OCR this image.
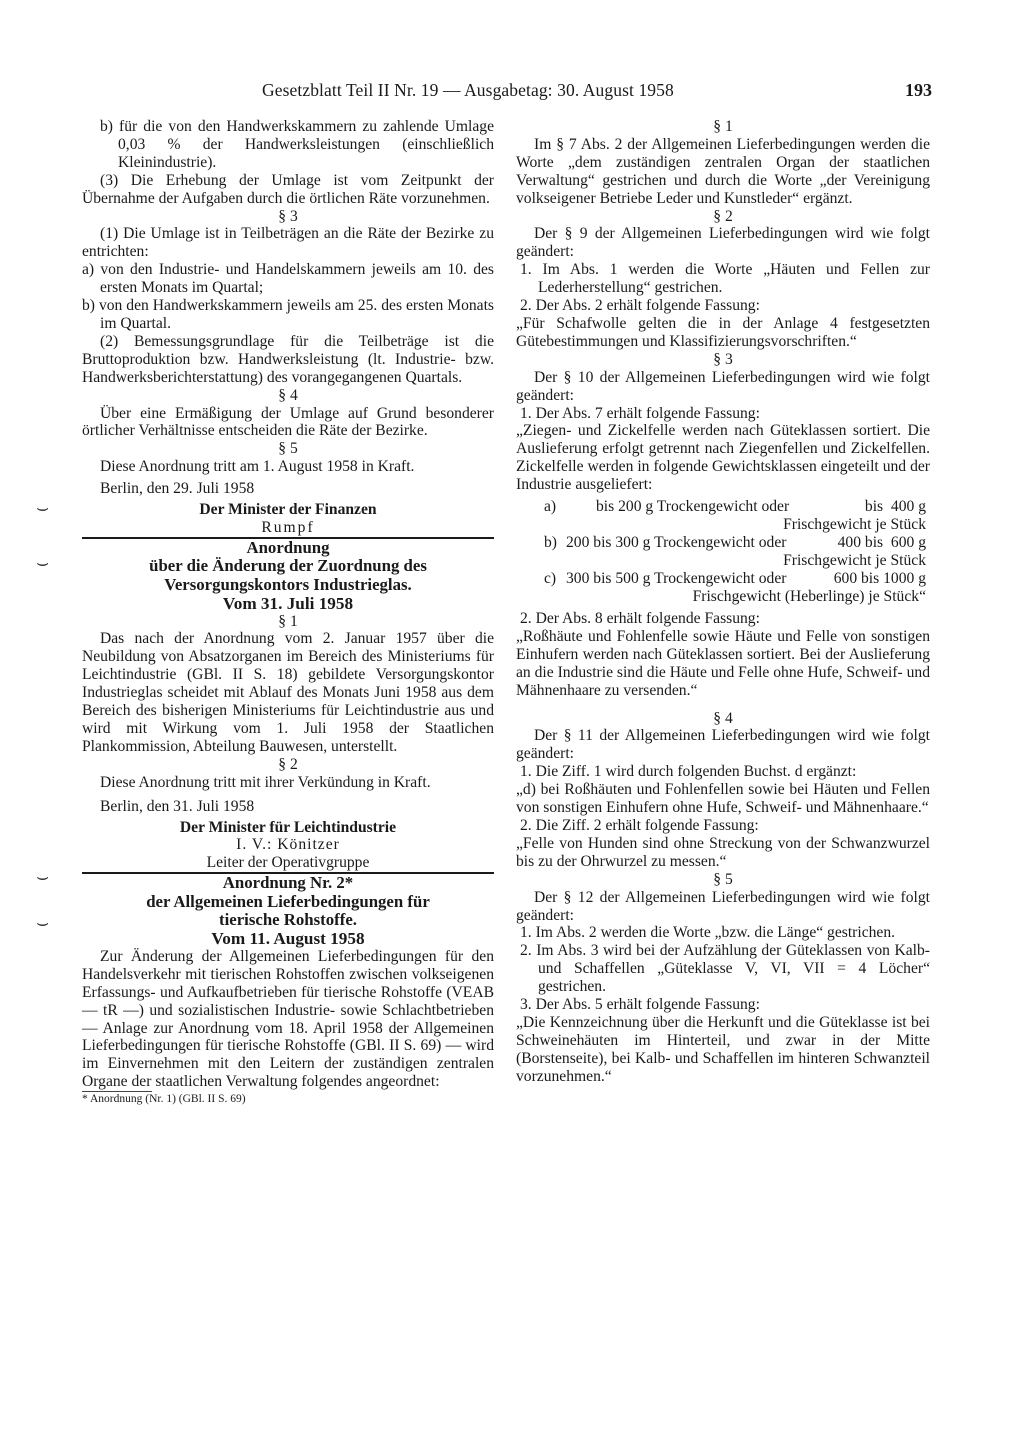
Gesetzblatt Teil II Nr. 19 — Ausgabetag: 30. August 1958	193
⌣
⌣
⌣
⌣
b) für die von den Handwerkskammern zu zahlende Umlage 0,03 % der Handwerksleistungen (einschließlich Kleinindustrie).

(3) Die Erhebung der Umlage ist vom Zeitpunkt der Übernahme der Aufgaben durch die örtlichen Räte vorzunehmen.

§ 3

(1) Die Umlage ist in Teilbeträgen an die Räte der Bezirke zu entrichten:

a) von den Industrie- und Handelskammern jeweils am 10. des ersten Monats im Quartal;
b) von den Handwerkskammern jeweils am 25. des ersten Monats im Quartal.

(2) Bemessungsgrundlage für die Teilbeträge ist die Bruttoproduktion bzw. Handwerksleistung (lt. Industrie- bzw. Handwerksberichterstattung) des vorangegangenen Quartals.

§ 4

Über eine Ermäßigung der Umlage auf Grund besonderer örtlicher Verhältnisse entscheiden die Räte der Bezirke.

§ 5

Diese Anordnung tritt am 1. August 1958 in Kraft.

Berlin, den 29. Juli 1958

Der Minister der Finanzen
Rumpf
Anordnung
über die Änderung der Zuordnung des
Versorgungskontors Industrieglas.
Vom 31. Juli 1958
§ 1

Das nach der Anordnung vom 2. Januar 1957 über die Neubildung von Absatzorganen im Bereich des Ministeriums für Leichtindustrie (GBl. II S. 18) gebildete Versorgungskontor Industrieglas scheidet mit Ablauf des Monats Juni 1958 aus dem Bereich des bisherigen Ministeriums für Leichtindustrie aus und wird mit Wirkung vom 1. Juli 1958 der Staatlichen Plankommission, Abteilung Bauwesen, unterstellt.

§ 2

Diese Anordnung tritt mit ihrer Verkündung in Kraft.

Berlin, den 31. Juli 1958

Der Minister für Leichtindustrie
I. V.: Könitzer
Leiter der Operativgruppe
Anordnung Nr. 2*
der Allgemeinen Lieferbedingungen für
tierische Rohstoffe.
Vom 11. August 1958

Zur Änderung der Allgemeinen Lieferbedingungen für den Handelsverkehr mit tierischen Rohstoffen zwischen volkseigenen Erfassungs- und Aufkaufbetrieben für tierische Rohstoffe (VEAB — tR —) und sozialistischen Industrie- sowie Schlachtbetrieben — Anlage zur Anordnung vom 18. April 1958 der Allgemeinen Lieferbedingungen für tierische Rohstoffe (GBl. II S. 69) — wird im Einvernehmen mit den Leitern der zuständigen zentralen Organe der staatlichen Verwaltung folgendes angeordnet:

* Anordnung (Nr. 1) (GBl. II S. 69)
§ 1

Im § 7 Abs. 2 der Allgemeinen Lieferbedingungen werden die Worte „dem zuständigen zentralen Organ der staatlichen Verwaltung“ gestrichen und durch die Worte „der Vereinigung volkseigener Betriebe Leder und Kunstleder“ ergänzt.

§ 2

Der § 9 der Allgemeinen Lieferbedingungen wird wie folgt geändert:

1. Im Abs. 1 werden die Worte „Häuten und Fellen zur Lederherstellung“ gestrichen.
2. Der Abs. 2 erhält folgende Fassung:

„Für Schafwolle gelten die in der Anlage 4 festgesetzten Gütebestimmungen und Klassifizierungsvorschriften.“

§ 3

Der § 10 der Allgemeinen Lieferbedingungen wird wie folgt geändert:

1. Der Abs. 7 erhält folgende Fassung:

„Ziegen- und Zickelfelle werden nach Güteklassen sortiert. Die Auslieferung erfolgt getrennt nach Ziegenfellen und Zickelfellen. Zickelfelle werden in folgende Gewichtsklassen eingeteilt und der Industrie ausgeliefert:

a)	bis 200 g Trockengewicht oder	bis  400 g
Frischgewicht je Stück
b) 200 bis 300 g Trockengewicht oder	400 bis  600 g
Frischgewicht je Stück
c) 300 bis 500 g Trockengewicht oder	600 bis 1000 g
Frischgewicht (Heberlinge) je Stück“
2. Der Abs. 8 erhält folgende Fassung:

„Roßhäute und Fohlenfelle sowie Häute und Felle von sonstigen Einhufern werden nach Güteklassen sortiert. Bei der Auslieferung an die Industrie sind die Häute und Felle ohne Hufe, Schweif- und Mähnenhaare zu versenden.“

§ 4

Der § 11 der Allgemeinen Lieferbedingungen wird wie folgt geändert:

1. Die Ziff. 1 wird durch folgenden Buchst. d ergänzt:

„d) bei Roßhäuten und Fohlenfellen sowie bei Häuten und Fellen von sonstigen Einhufern ohne Hufe, Schweif- und Mähnenhaare.“

2. Die Ziff. 2 erhält folgende Fassung:

„Felle von Hunden sind ohne Streckung von der Schwanzwurzel bis zu der Ohrwurzel zu messen.“

§ 5

Der § 12 der Allgemeinen Lieferbedingungen wird wie folgt geändert:

1. Im Abs. 2 werden die Worte „bzw. die Länge“ gestrichen.
2. Im Abs. 3 wird bei der Aufzählung der Güteklassen von Kalb- und Schaffellen „Güteklasse V, VI, VII = 4 Löcher“ gestrichen.
3. Der Abs. 5 erhält folgende Fassung:

„Die Kennzeichnung über die Herkunft und die Güteklasse ist bei Schweinehäuten im Hinterteil, und zwar in der Mitte (Borstenseite), bei Kalb- und Schaffellen im hinteren Schwanzteil vorzunehmen.“
